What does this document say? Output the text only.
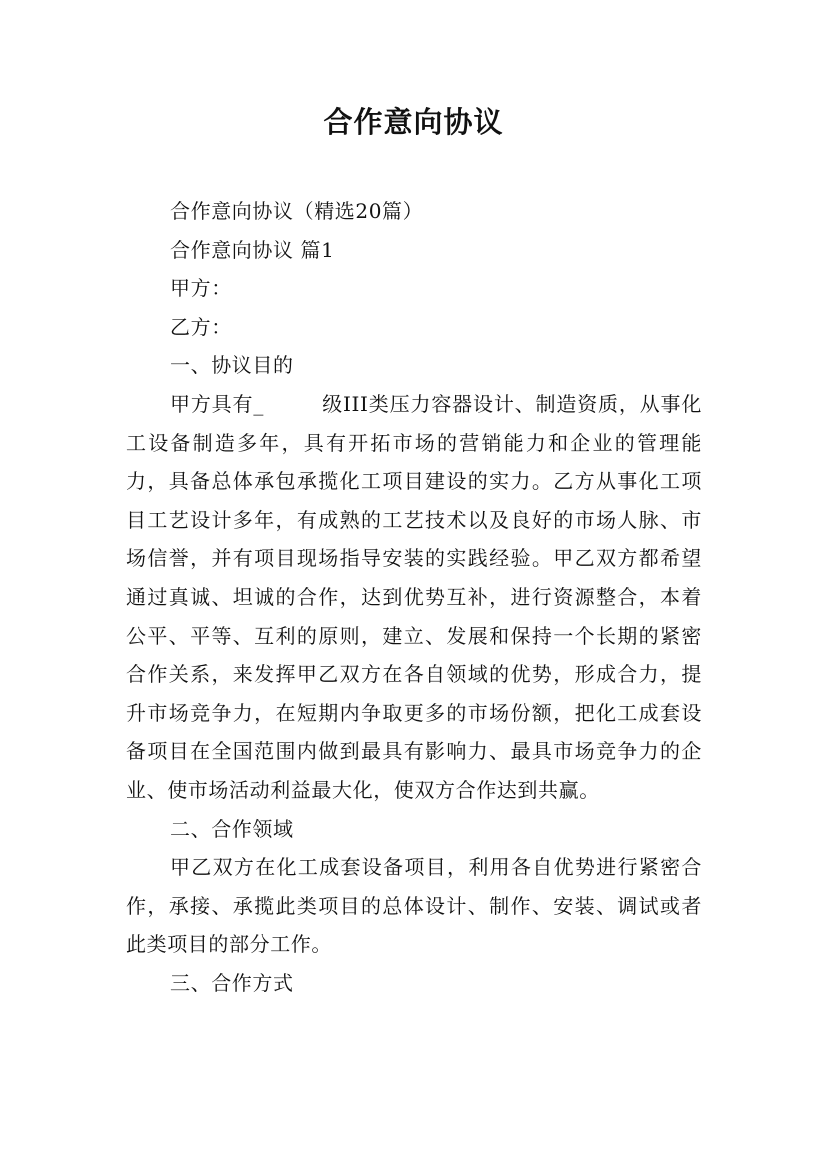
合作意向协议

合作意向协议（精选20篇）

合作意向协议 篇1

甲方：

乙方：

一、协议目的

甲方具有_	级III类压力容器设计、制造资质，从事化工设备制造多年，具有开拓市场的营销能力和企业的管理能力，具备总体承包承揽化工项目建设的实力。乙方从事化工项目工艺设计多年，有成熟的工艺技术以及良好的市场人脉、市场信誉，并有项目现场指导安装的实践经验。甲乙双方都希望通过真诚、坦诚的合作，达到优势互补，进行资源整合，本着公平、平等、互利的原则，建立、发展和保持一个长期的紧密合作关系，来发挥甲乙双方在各自领域的优势，形成合力，提升市场竞争力，在短期内争取更多的市场份额，把化工成套设备项目在全国范围内做到最具有影响力、最具市场竞争力的企业、使市场活动利益最大化，使双方合作达到共赢。

二、合作领域

甲乙双方在化工成套设备项目，利用各自优势进行紧密合作，承接、承揽此类项目的总体设计、制作、安装、调试或者此类项目的部分工作。

三、合作方式
